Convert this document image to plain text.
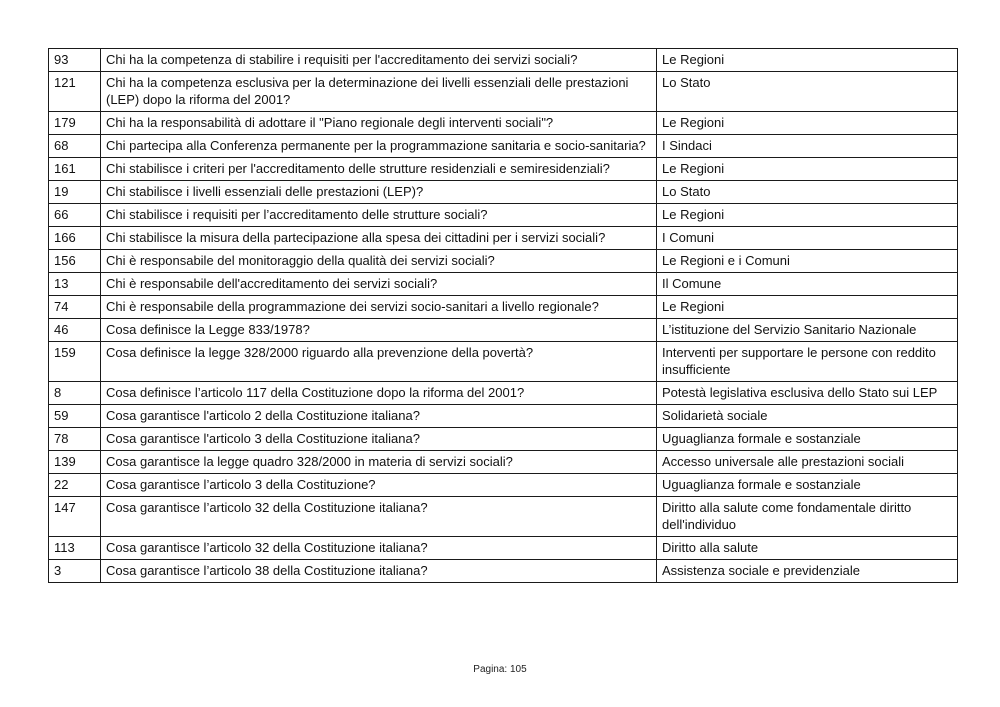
93	Chi ha la competenza di stabilire i requisiti per l'accreditamento dei servizi sociali?	Le Regioni
121	Chi ha la competenza esclusiva per la determinazione dei livelli essenziali delle prestazioni (LEP) dopo la riforma del 2001?	Lo Stato
179	Chi ha la responsabilità di adottare il "Piano regionale degli interventi sociali"?	Le Regioni
68	Chi partecipa alla Conferenza permanente per la programmazione sanitaria e socio-sanitaria?	I Sindaci
161	Chi stabilisce i criteri per l'accreditamento delle strutture residenziali e semiresidenziali?	Le Regioni
19	Chi stabilisce i livelli essenziali delle prestazioni (LEP)?	Lo Stato
66	Chi stabilisce i requisiti per l’accreditamento delle strutture sociali?	Le Regioni
166	Chi stabilisce la misura della partecipazione alla spesa dei cittadini per i servizi sociali?	I Comuni
156	Chi è responsabile del monitoraggio della qualità dei servizi sociali?	Le Regioni e i Comuni
13	Chi è responsabile dell'accreditamento dei servizi sociali?	Il Comune
74	Chi è responsabile della programmazione dei servizi socio-sanitari a livello regionale?	Le Regioni
46	Cosa definisce la Legge 833/1978?	L’istituzione del Servizio Sanitario Nazionale
159	Cosa definisce la legge 328/2000 riguardo alla prevenzione della povertà?	Interventi per supportare le persone con reddito insufficiente
8	Cosa definisce l’articolo 117 della Costituzione dopo la riforma del 2001?	Potestà legislativa esclusiva dello Stato sui LEP
59	Cosa garantisce l'articolo 2 della Costituzione italiana?	Solidarietà sociale
78	Cosa garantisce l'articolo 3 della Costituzione italiana?	Uguaglianza formale e sostanziale
139	Cosa garantisce la legge quadro 328/2000 in materia di servizi sociali?	Accesso universale alle prestazioni sociali
22	Cosa garantisce l’articolo 3 della Costituzione?	Uguaglianza formale e sostanziale
147	Cosa garantisce l’articolo 32 della Costituzione italiana?	Diritto alla salute come fondamentale diritto dell'individuo
113	Cosa garantisce l’articolo 32 della Costituzione italiana?	Diritto alla salute
3	Cosa garantisce l’articolo 38 della Costituzione italiana?	Assistenza sociale e previdenziale
Pagina: 105
